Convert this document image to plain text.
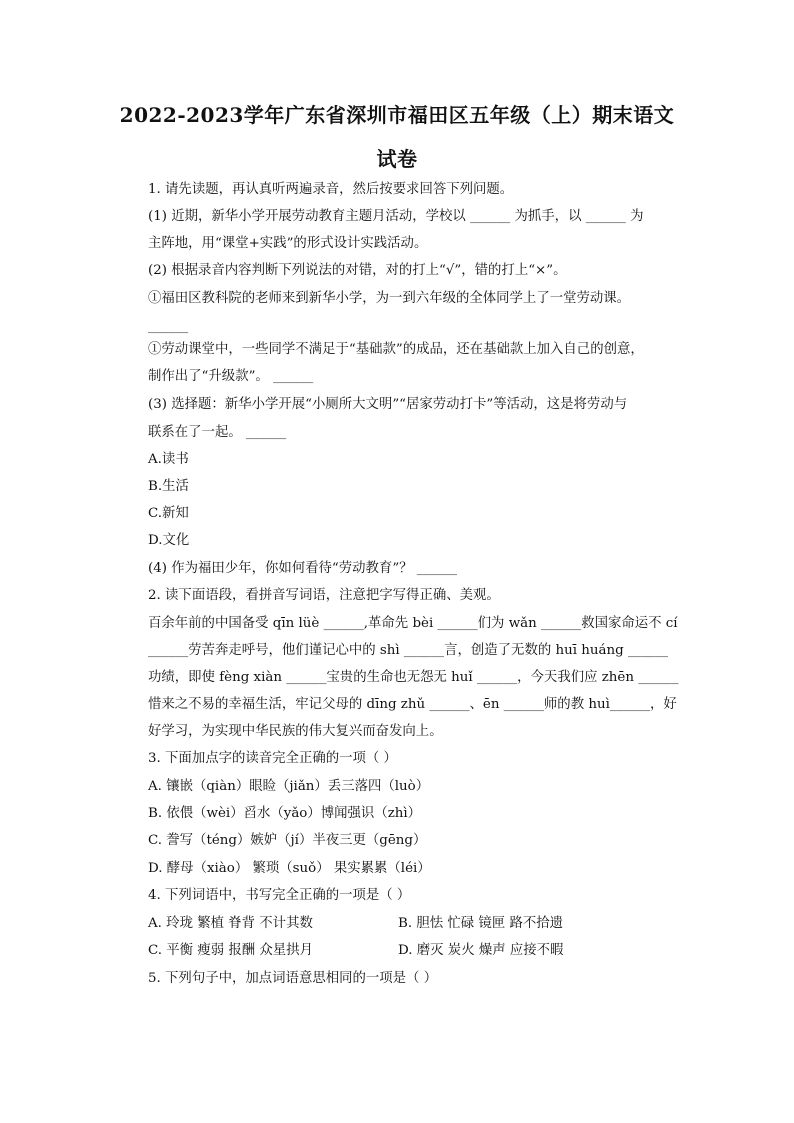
2022-2023学年广东省深圳市福田区五年级（上）期末语文
试卷
1. 请先读题，再认真听两遍录音，然后按要求回答下列问题。
(1) 近期，新华小学开展劳动教育主题月活动，学校以 ______ 为抓手，以 ______ 为
主阵地，用“课堂+实践”的形式设计实践活动。
(2) 根据录音内容判断下列说法的对错，对的打上“√”，错的打上“×”。
①福田区教科院的老师来到新华小学，为一到六年级的全体同学上了一堂劳动课。
______
①劳动课堂中，一些同学不满足于“基础款”的成品，还在基础款上加入自己的创意，
制作出了“升级款”。 ______
(3) 选择题：新华小学开展“小厕所大文明”“居家劳动打卡”等活动，这是将劳动与
联系在了一起。 ______
A.读书
B.生活
C.新知
D.文化
(4) 作为福田少年，你如何看待“劳动教育”？ ______
2. 读下面语段，看拼音写词语，注意把字写得正确、美观。
百余年前的中国备受 qīn lüè ______,革命先 bèi ______们为 wǎn ______救国家命运不 cí
______劳苦奔走呼号，他们谨记心中的 shì ______言，创造了无数的 huī huáng ______
功绩，即使 fèng xiàn ______宝贵的生命也无怨无 huǐ ______，今天我们应 zhēn ______
惜来之不易的幸福生活，牢记父母的 dīng zhǔ ______、ēn ______师的教 huì______，好
好学习，为实现中华民族的伟大复兴而奋发向上。
3. 下面加点字的读音完全正确的一项（ ）
A. 镶嵌（qiàn）眼睑（jiǎn）丢三落四（luò）
B. 依偎（wèi）舀水（yǎo）博闻强识（zhì）
C. 誊写（téng）嫉妒（jí）半夜三更（gēng）
D. 酵母（xiào） 繁琐（suǒ） 果实累累（léi）
4. 下列词语中，书写完全正确的一项是（ ）
A. 玲珑 繁植 脊背 不计其数	B. 胆怯 忙碌 镜匣 路不拾遗
C. 平衡 瘦弱 报酬 众星拱月	D. 磨灭 炭火 燥声 应接不暇
5. 下列句子中，加点词语意思相同的一项是（ ）
